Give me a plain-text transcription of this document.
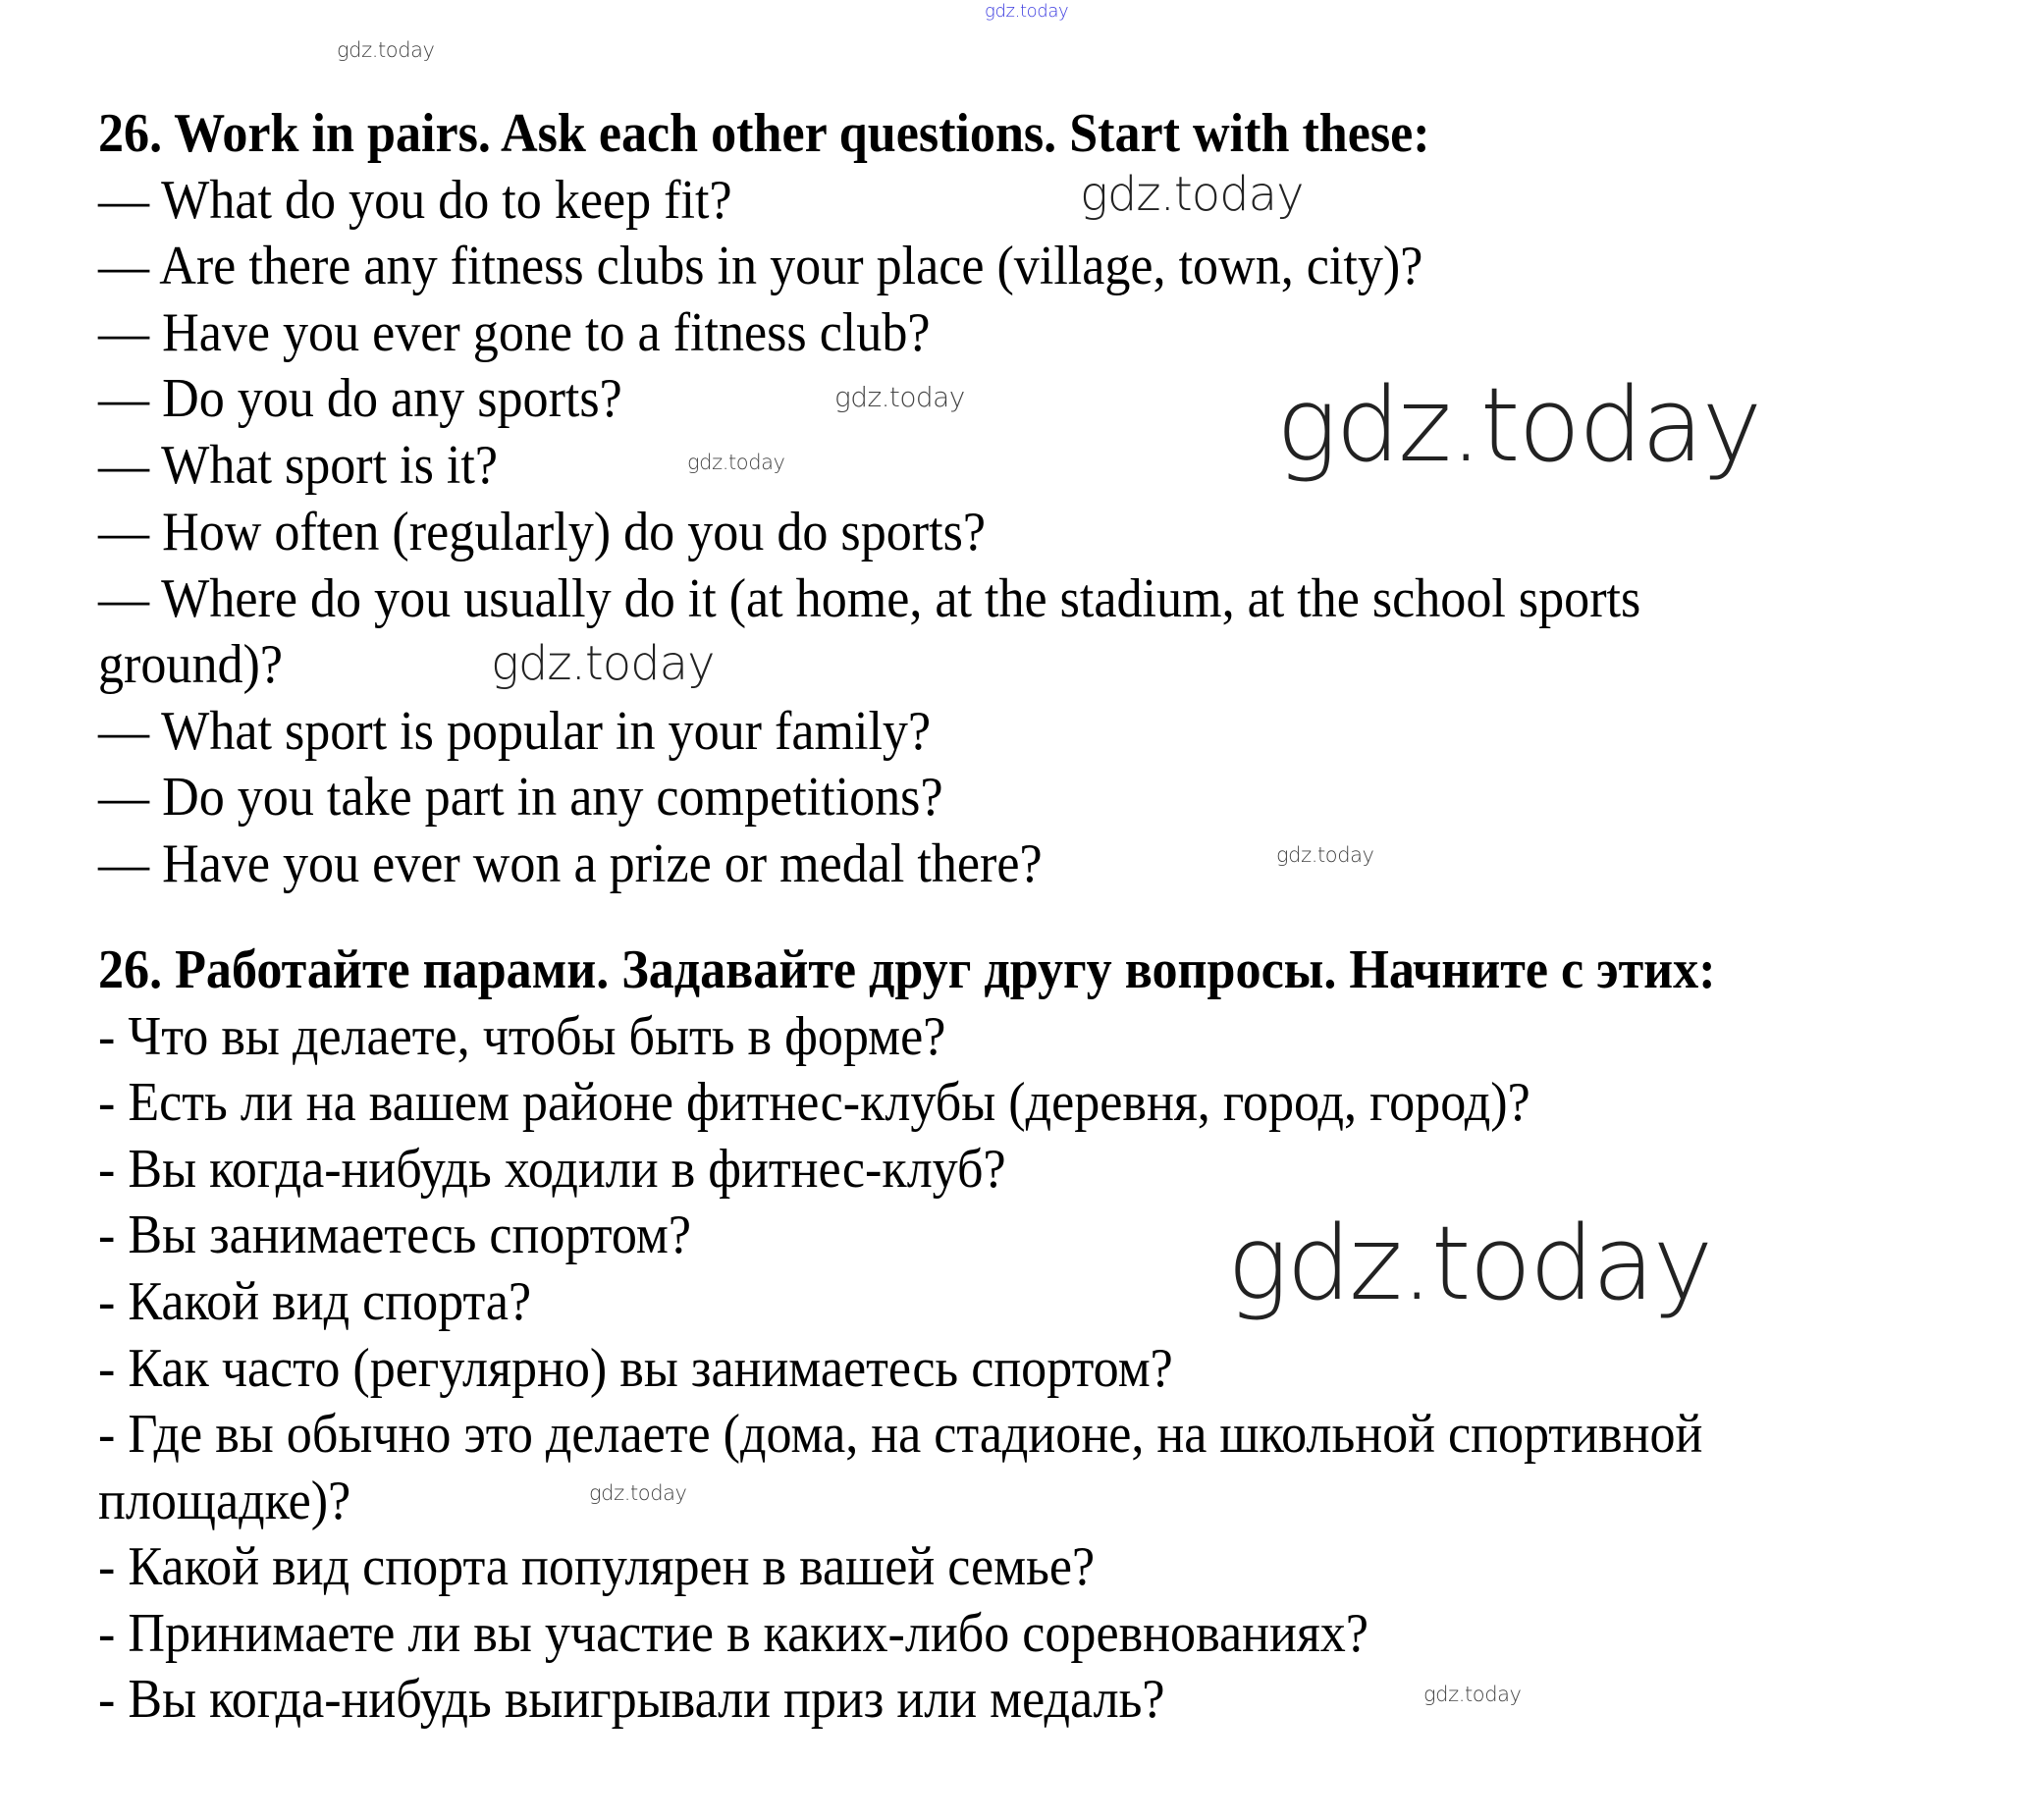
gdz.today
26. Work in pairs. Ask each other questions. Start with these:
— What do you do to keep fit?
— Are there any fitness clubs in your place (village, town, city)?
— Have you ever gone to a fitness club?
— Do you do any sports?
— What sport is it?
— How often (regularly) do you do sports?
— Where do you usually do it (at home, at the stadium, at the school sports
ground)?
— What sport is popular in your family?
— Do you take part in any competitions?
— Have you ever won a prize or medal there?
26. Работайте парами. Задавайте друг другу вопросы. Начните с этих:
- Что вы делаете, чтобы быть в форме?
- Есть ли на вашем районе фитнес-клубы (деревня, город, город)?
- Вы когда-нибудь ходили в фитнес-клуб?
- Вы занимаетесь спортом?
- Какой вид спорта?
- Как часто (регулярно) вы занимаетесь спортом?
- Где вы обычно это делаете (дома, на стадионе, на школьной спортивной
площадке)?
- Какой вид спорта популярен в вашей семье?
- Принимаете ли вы участие в каких-либо соревнованиях?
- Вы когда-нибудь выигрывали приз или медаль?
gdz.today
gdz.today
gdz.today
gdz.today
gdz.today
gdz.today
gdz.today
gdz.today
gdz.today
gdz.today
